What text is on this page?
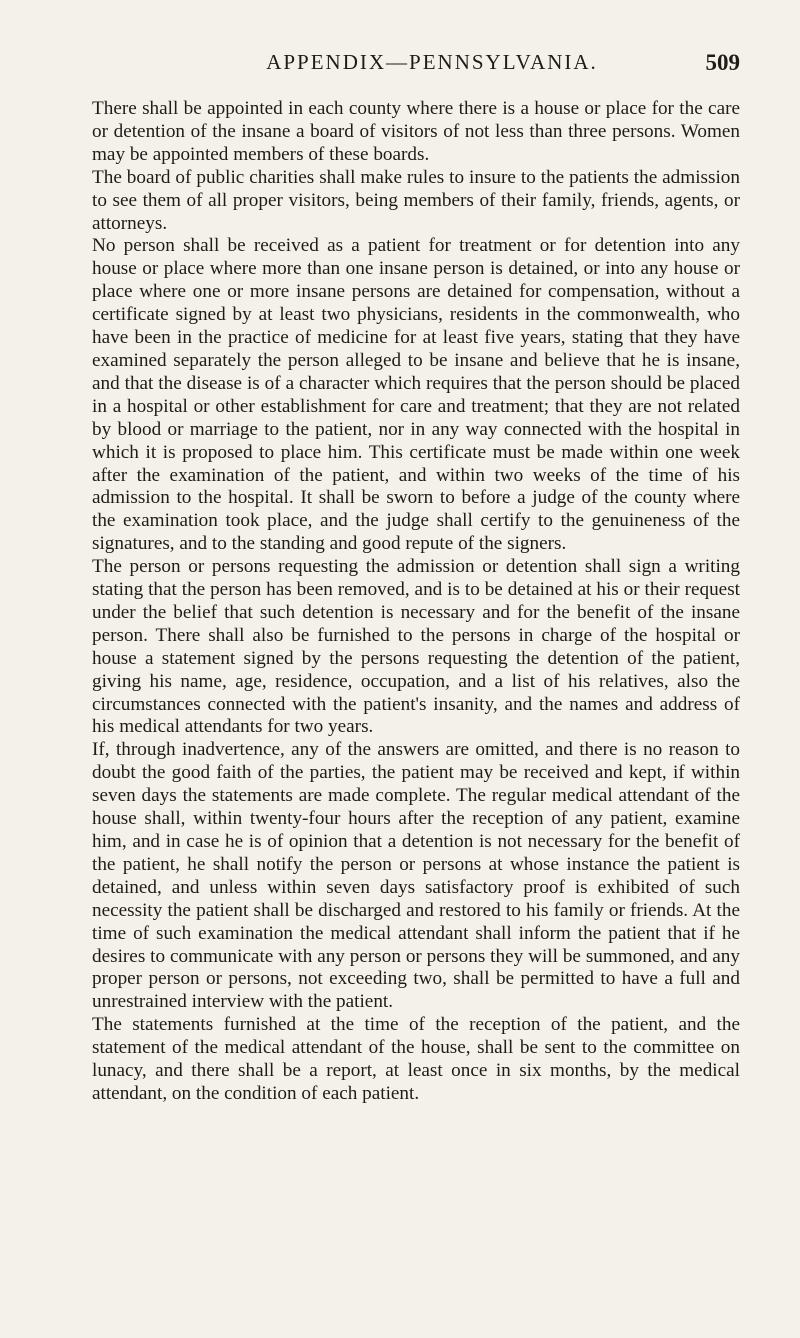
APPENDIX—PENNSYLVANIA.	509

There shall be appointed in each county where there is a house or place for the care or detention of the insane a board of visitors of not less than three persons. Women may be appointed members of these boards.

The board of public charities shall make rules to insure to the patients the admission to see them of all proper visitors, being members of their family, friends, agents, or attorneys.

No person shall be received as a patient for treatment or for detention into any house or place where more than one insane person is detained, or into any house or place where one or more insane persons are detained for compensation, without a certificate signed by at least two physicians, residents in the commonwealth, who have been in the practice of medicine for at least five years, stating that they have examined separately the person alleged to be insane and believe that he is insane, and that the disease is of a character which requires that the person should be placed in a hospital or other establishment for care and treatment; that they are not related by blood or marriage to the patient, nor in any way connected with the hospital in which it is proposed to place him. This certificate must be made within one week after the examination of the patient, and within two weeks of the time of his admission to the hospital. It shall be sworn to before a judge of the county where the examination took place, and the judge shall certify to the genuineness of the signatures, and to the standing and good repute of the signers.

The person or persons requesting the admission or detention shall sign a writing stating that the person has been removed, and is to be detained at his or their request under the belief that such detention is necessary and for the benefit of the insane person. There shall also be furnished to the persons in charge of the hospital or house a statement signed by the persons requesting the detention of the patient, giving his name, age, residence, occupation, and a list of his relatives, also the circumstances connected with the patient's insanity, and the names and address of his medical attendants for two years.

If, through inadvertence, any of the answers are omitted, and there is no reason to doubt the good faith of the parties, the patient may be received and kept, if within seven days the statements are made complete. The regular medical attendant of the house shall, within twenty-four hours after the reception of any patient, examine him, and in case he is of opinion that a detention is not necessary for the benefit of the patient, he shall notify the person or persons at whose instance the patient is detained, and unless within seven days satisfactory proof is exhibited of such necessity the patient shall be discharged and restored to his family or friends. At the time of such examination the medical attendant shall inform the patient that if he desires to communicate with any person or persons they will be summoned, and any proper person or persons, not exceeding two, shall be permitted to have a full and unrestrained interview with the patient.

The statements furnished at the time of the reception of the patient, and the statement of the medical attendant of the house, shall be sent to the committee on lunacy, and there shall be a report, at least once in six months, by the medical attendant, on the condition of each patient.
